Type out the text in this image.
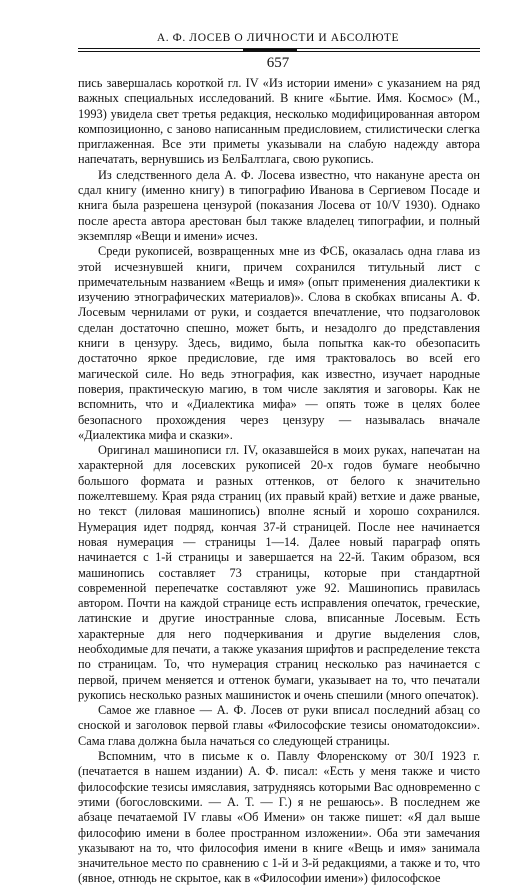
А. Ф. ЛОСЕВ О ЛИЧНОСТИ И АБСОЛЮТЕ
657

пись завершалась короткой гл. IV «Из истории имени» с указанием на ряд важных специальных исследований. В книге «Бытие. Имя. Космос» (М., 1993) увидела свет третья редакция, несколько модифицированная автором композиционно, с заново написанным предисловием, стилистически слегка приглаженная. Все эти приметы указывали на слабую надежду автора напечатать, вернувшись из БелБалтлага, свою рукопись.

Из следственного дела А. Ф. Лосева известно, что накануне ареста он сдал книгу (именно книгу) в типографию Иванова в Сергиевом Посаде и книга была разрешена цензурой (показания Лосева от 10/V 1930). Однако после ареста автора арестован был также владелец типографии, и полный экземпляр «Вещи и имени» исчез.

Среди рукописей, возвращенных мне из ФСБ, оказалась одна глава из этой исчезнувшей книги, причем сохранился титульный лист с примечательным названием «Вещь и имя» (опыт применения диалектики к изучению этнографических материалов)». Слова в скобках вписаны А. Ф. Лосевым чернилами от руки, и создается впечатление, что подзаголовок сделан достаточно спешно, может быть, и незадолго до представления книги в цензуру. Здесь, видимо, была попытка как-то обезопасить достаточно яркое предисловие, где имя трактовалось во всей его магической силе. Но ведь этнография, как известно, изучает народные поверия, практическую магию, в том числе заклятия и заговоры. Как не вспомнить, что и «Диалектика мифа» — опять тоже в целях более безопасного прохождения через цензуру — называлась вначале «Диалектика мифа и сказки».

Оригинал машинописи гл. IV, оказавшейся в моих руках, напечатан на характерной для лосевских рукописей 20-х годов бумаге необычно большого формата и разных оттенков, от белого к значительно пожелтевшему. Края ряда страниц (их правый край) ветхие и даже рваные, но текст (лиловая машинопись) вполне ясный и хорошо сохранился. Нумерация идет подряд, кончая 37-й страницей. После нее начинается новая нумерация — страницы 1—14. Далее новый параграф опять начинается с 1-й страницы и завершается на 22-й. Таким образом, вся машинопись составляет 73 страницы, которые при стандартной современной перепечатке составляют уже 92. Машинопись правилась автором. Почти на каждой странице есть исправления опечаток, греческие, латинские и другие иностранные слова, вписанные Лосевым. Есть характерные для него подчеркивания и другие выделения слов, необходимые для печати, а также указания шрифтов и распределение текста по страницам. То, что нумерация страниц несколько раз начинается с первой, причем меняется и оттенок бумаги, указывает на то, что печатали рукопись несколько разных машинисток и очень спешили (много опечаток).

Самое же главное — А. Ф. Лосев от руки вписал последний абзац со сноской и заголовок первой главы «Философские тезисы ономатодоксии». Сама глава должна была начаться со следующей страницы.

Вспомним, что в письме к о. Павлу Флоренскому от 30/I 1923 г. (печатается в нашем издании) А. Ф. писал: «Есть у меня также и чисто философские тезисы имяславия, затрудняясь которыми Вас одновременно с этими (богословскими. — А. Т. — Г.) я не решаюсь». В последнем же абзаце печатаемой IV главы «Об Имени» он также пишет: «Я дал выше философию имени в более пространном изложении». Оба эти замечания указывают на то, что философия имени в книге «Вещь и имя» занимала значительное место по сравнению с 1-й и 3-й редакциями, а также и то, что (явное, отнюдь не скрытое, как в «Философии имени») философское
